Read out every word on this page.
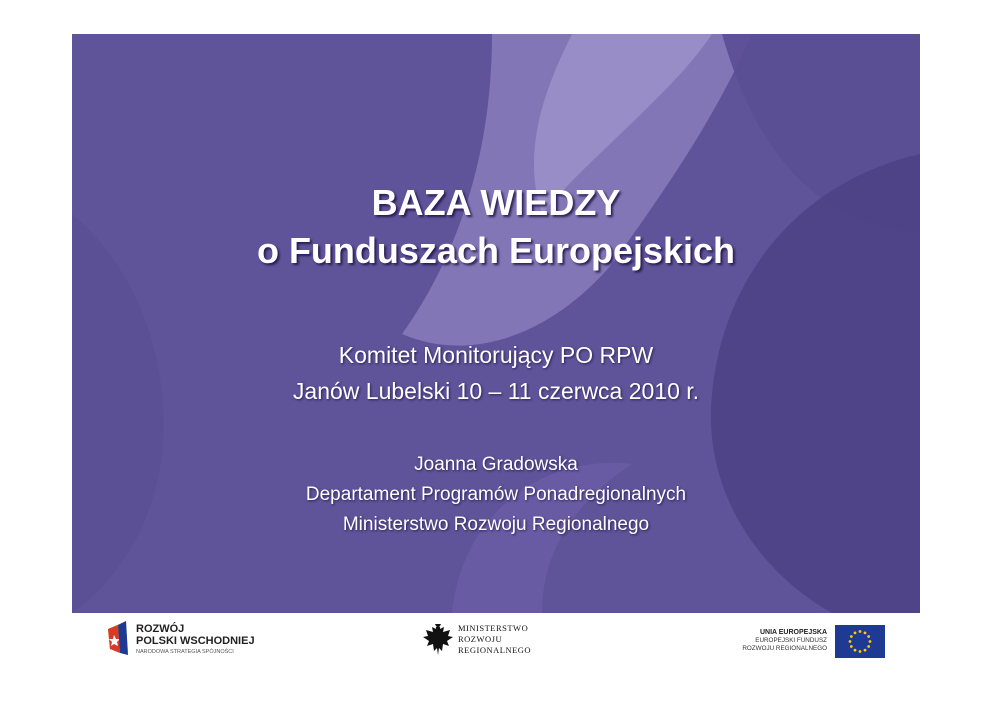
BAZA WIEDZY
o Funduszach Europejskich
Komitet Monitorujący PO RPW
Janów Lubelski 10 – 11 czerwca 2010 r.
Joanna Gradowska
Departament Programów Ponadregionalnych
Ministerstwo Rozwoju Regionalnego
ROZWÓJ
POLSKI WSCHODNIEJ
NARODOWA STRATEGIA SPÓJNOŚCI
MINISTERSTWO
ROZWOJU
REGIONALNEGO
UNIA EUROPEJSKA
EUROPEJSKI FUNDUSZ
ROZWOJU REGIONALNEGO
